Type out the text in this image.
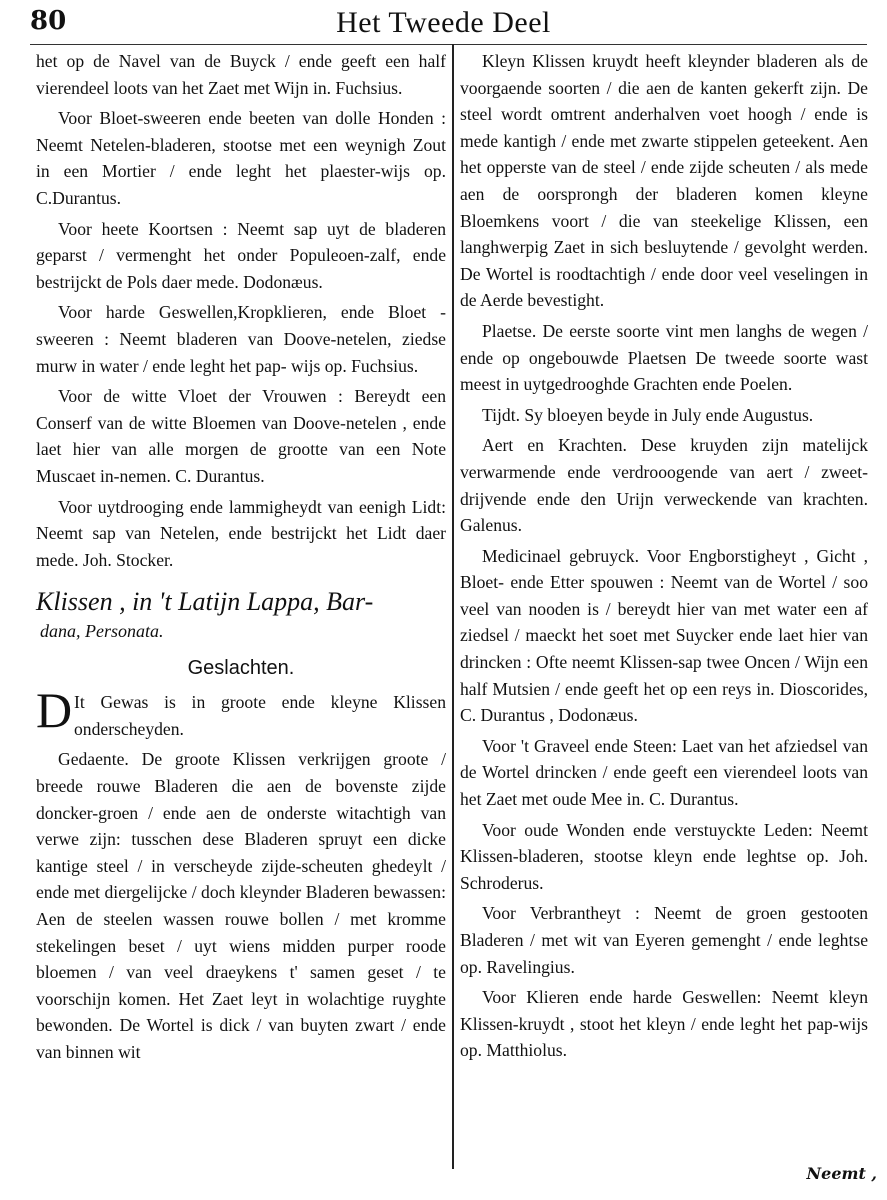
80	Het Tweede Deel

het op de Navel van de Buyck / ende geeft een half vierendeel loots van het Zaet met Wijn in. Fuchsius.

Voor Bloet-sweeren ende beeten van dolle Honden : Neemt Netelen-bladeren, stootse met een weynigh Zout in een Mortier / ende leght het plaester-wijs op. C.Durantus.

Voor heete Koortsen : Neemt sap uyt de bladeren geparst / vermenght het onder Populeoen-zalf, ende bestrijckt de Pols daer mede. Dodonæus.

Voor harde Geswellen,Kropklieren, ende Bloet - sweeren : Neemt bladeren van Doove-netelen, ziedse murw in water / ende leght het pap- wijs op. Fuchsius.

Voor de witte Vloet der Vrouwen : Bereydt een Conserf van de witte Bloemen van Doove-netelen , ende laet hier van alle morgen de grootte van een Note Muscaet in-nemen. C. Durantus.

Voor uytdrooging ende lammigheydt van eenigh Lidt: Neemt sap van Netelen, ende bestrijckt het Lidt daer mede. Joh. Stocker.

Klissen , in 't Latijn Lappa, Bar-
dana, Personata.

Geslachten.

D It Gewas is in groote ende kleyne Klissen onderscheyden.

Gedaente. De groote Klissen verkrijgen groote / breede rouwe Bladeren die aen de bovenste zijde doncker-groen / ende aen de onderste witachtigh van verwe zijn: tusschen dese Bladeren spruyt een dicke kantige steel / in verscheyde zijde-scheuten ghedeylt / ende met diergelijcke / doch kleynder Bladeren bewassen: Aen de steelen wassen rouwe bollen / met kromme stekelingen beset / uyt wiens midden purper roode bloemen / van veel draeykens t' samen geset / te voorschijn komen. Het Zaet leyt in wolachtige ruyghte bewonden. De Wortel is dick / van buyten zwart / ende van binnen wit

Kleyn Klissen kruydt heeft kleynder bladeren als de voorgaende soorten / die aen de kanten gekerft zijn. De steel wordt omtrent anderhalven voet hoogh / ende is mede kantigh / ende met zwarte stippelen geteekent. Aen het opperste van de steel / ende zijde scheuten / als mede aen de oorsprongh der bladeren komen kleyne Bloemkens voort / die van steekelige Klissen, een langhwerpig Zaet in sich besluytende / gevolght werden. De Wortel is roodtachtigh / ende door veel veselingen in de Aerde bevestight.

Plaetse. De eerste soorte vint men langhs de wegen / ende op ongebouwde Plaetsen De tweede soorte wast meest in uytgedrooghde Grachten ende Poelen.

Tijdt. Sy bloeyen beyde in July ende Augustus.

Aert en Krachten. Dese kruyden zijn matelijck verwarmende ende verdrooogende van aert / zweet-drijvende ende den Urijn verweckende van krachten. Galenus.

Medicinael gebruyck. Voor Engborstigheyt , Gicht , Bloet- ende Etter spouwen : Neemt van de Wortel / soo veel van nooden is / bereydt hier van met water een af ziedsel / maeckt het soet met Suycker ende laet hier van drincken : Ofte neemt Klissen-sap twee Oncen / Wijn een half Mutsien / ende geeft het op een reys in. Dioscorides, C. Durantus , Dodonæus.

Voor 't Graveel ende Steen: Laet van het afziedsel van de Wortel drincken / ende geeft een vierendeel loots van het Zaet met oude Mee in. C. Durantus.

Voor oude Wonden ende verstuyckte Leden: Neemt Klissen-bladeren, stootse kleyn ende leghtse op. Joh. Schroderus.

Voor Verbrantheyt : Neemt de groen gestooten Bladeren / met wit van Eyeren gemenght / ende leghtse op. Ravelingius.

Voor Klieren ende harde Geswellen: Neemt kleyn Klissen-kruydt , stoot het kleyn / ende leght het pap-wijs op. Matthiolus.

Neemt ,
